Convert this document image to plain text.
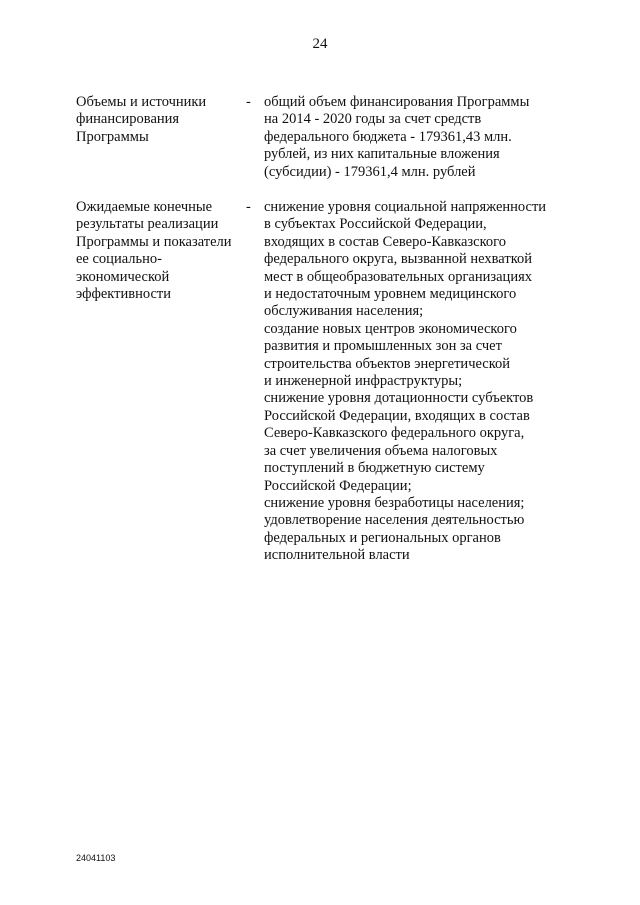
24
Объемы и источники
финансирования
Программы
- общий объем финансирования Программы
на 2014 - 2020 годы за счет средств
федерального бюджета - 179361,43 млн.
рублей, из них капитальные вложения
(субсидии) - 179361,4 млн. рублей
Ожидаемые конечные
результаты реализации
Программы и показатели
ее социально-
экономической
эффективности
- снижение уровня социальной напряженности
в субъектах Российской Федерации,
входящих в состав Северо-Кавказского
федерального округа, вызванной нехваткой
мест в общеобразовательных организациях
и недостаточным уровнем медицинского
обслуживания населения;
создание новых центров экономического
развития и промышленных зон за счет
строительства объектов энергетической
и инженерной инфраструктуры;
снижение уровня дотационности субъектов
Российской Федерации, входящих в состав
Северо-Кавказского федерального округа,
за счет увеличения объема налоговых
поступлений в бюджетную систему
Российской Федерации;
снижение уровня безработицы населения;
удовлетворение населения деятельностью
федеральных и региональных органов
исполнительной власти
24041103
